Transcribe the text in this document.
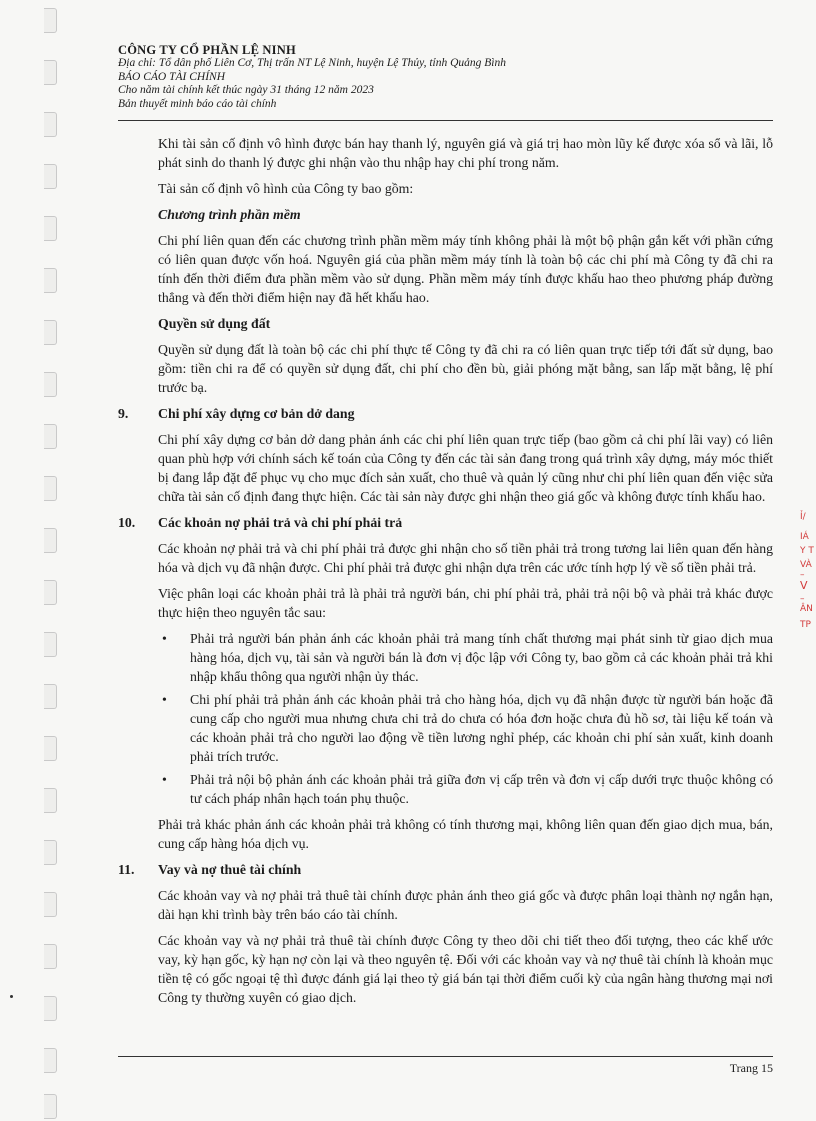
Ỉ/
IÁ
Y T
VÀ
–
V
–
ÂN
TP
CÔNG TY CỔ PHẦN LỆ NINH
Địa chỉ: Tổ dân phố Liên Cơ, Thị trấn NT Lệ Ninh, huyện Lệ Thủy, tỉnh Quảng Bình
BÁO CÁO TÀI CHÍNH
Cho năm tài chính kết thúc ngày 31 tháng 12 năm 2023
Bản thuyết minh báo cáo tài chính

Khi tài sản cố định vô hình được bán hay thanh lý, nguyên giá và giá trị hao mòn lũy kế được xóa sổ và lãi, lỗ phát sinh do thanh lý được ghi nhận vào thu nhập hay chi phí trong năm.

Tài sản cố định vô hình của Công ty bao gồm:

Chương trình phần mềm

Chi phí liên quan đến các chương trình phần mềm máy tính không phải là một bộ phận gắn kết với phần cứng có liên quan được vốn hoá. Nguyên giá của phần mềm máy tính là toàn bộ các chi phí mà Công ty đã chi ra tính đến thời điểm đưa phần mềm vào sử dụng. Phần mềm máy tính được khấu hao theo phương pháp đường thẳng và đến thời điểm hiện nay đã hết khấu hao.

Quyền sử dụng đất

Quyền sử dụng đất là toàn bộ các chi phí thực tế Công ty đã chi ra có liên quan trực tiếp tới đất sử dụng, bao gồm: tiền chi ra để có quyền sử dụng đất, chi phí cho đền bù, giải phóng mặt bằng, san lấp mặt bằng, lệ phí trước bạ.

9.	Chi phí xây dựng cơ bản dở dang

Chi phí xây dựng cơ bản dở dang phản ánh các chi phí liên quan trực tiếp (bao gồm cả chi phí lãi vay) có liên quan phù hợp với chính sách kế toán của Công ty đến các tài sản đang trong quá trình xây dựng, máy móc thiết bị đang lắp đặt để phục vụ cho mục đích sản xuất, cho thuê và quản lý cũng như chi phí liên quan đến việc sửa chữa tài sản cố định đang thực hiện. Các tài sản này được ghi nhận theo giá gốc và không được tính khấu hao.

10.	Các khoản nợ phải trả và chi phí phải trả

Các khoản nợ phải trả và chi phí phải trả được ghi nhận cho số tiền phải trả trong tương lai liên quan đến hàng hóa và dịch vụ đã nhận được. Chi phí phải trả được ghi nhận dựa trên các ước tính hợp lý về số tiền phải trả.

Việc phân loại các khoản phải trả là phải trả người bán, chi phí phải trả, phải trả nội bộ và phải trả khác được thực hiện theo nguyên tắc sau:

•	Phải trả người bán phản ánh các khoản phải trả mang tính chất thương mại phát sinh từ giao dịch mua hàng hóa, dịch vụ, tài sản và người bán là đơn vị độc lập với Công ty, bao gồm cả các khoản phải trả khi nhập khẩu thông qua người nhận ủy thác.
•	Chi phí phải trả phản ánh các khoản phải trả cho hàng hóa, dịch vụ đã nhận được từ người bán hoặc đã cung cấp cho người mua nhưng chưa chi trả do chưa có hóa đơn hoặc chưa đủ hồ sơ, tài liệu kế toán và các khoản phải trả cho người lao động về tiền lương nghỉ phép, các khoản chi phí sản xuất, kinh doanh phải trích trước.
•	Phải trả nội bộ phản ánh các khoản phải trả giữa đơn vị cấp trên và đơn vị cấp dưới trực thuộc không có tư cách pháp nhân hạch toán phụ thuộc.

Phải trả khác phản ánh các khoản phải trả không có tính thương mại, không liên quan đến giao dịch mua, bán, cung cấp hàng hóa dịch vụ.

11.	Vay và nợ thuê tài chính

Các khoản vay và nợ phải trả thuê tài chính được phản ánh theo giá gốc và được phân loại thành nợ ngắn hạn, dài hạn khi trình bày trên báo cáo tài chính.

Các khoản vay và nợ phải trả thuê tài chính được Công ty theo dõi chi tiết theo đối tượng, theo các khế ước vay, kỳ hạn gốc, kỳ hạn nợ còn lại và theo nguyên tệ. Đối với các khoản vay và nợ thuê tài chính là khoản mục tiền tệ có gốc ngoại tệ thì được đánh giá lại theo tỷ giá bán tại thời điểm cuối kỳ của ngân hàng thương mại nơi Công ty thường xuyên có giao dịch.

Trang 15
